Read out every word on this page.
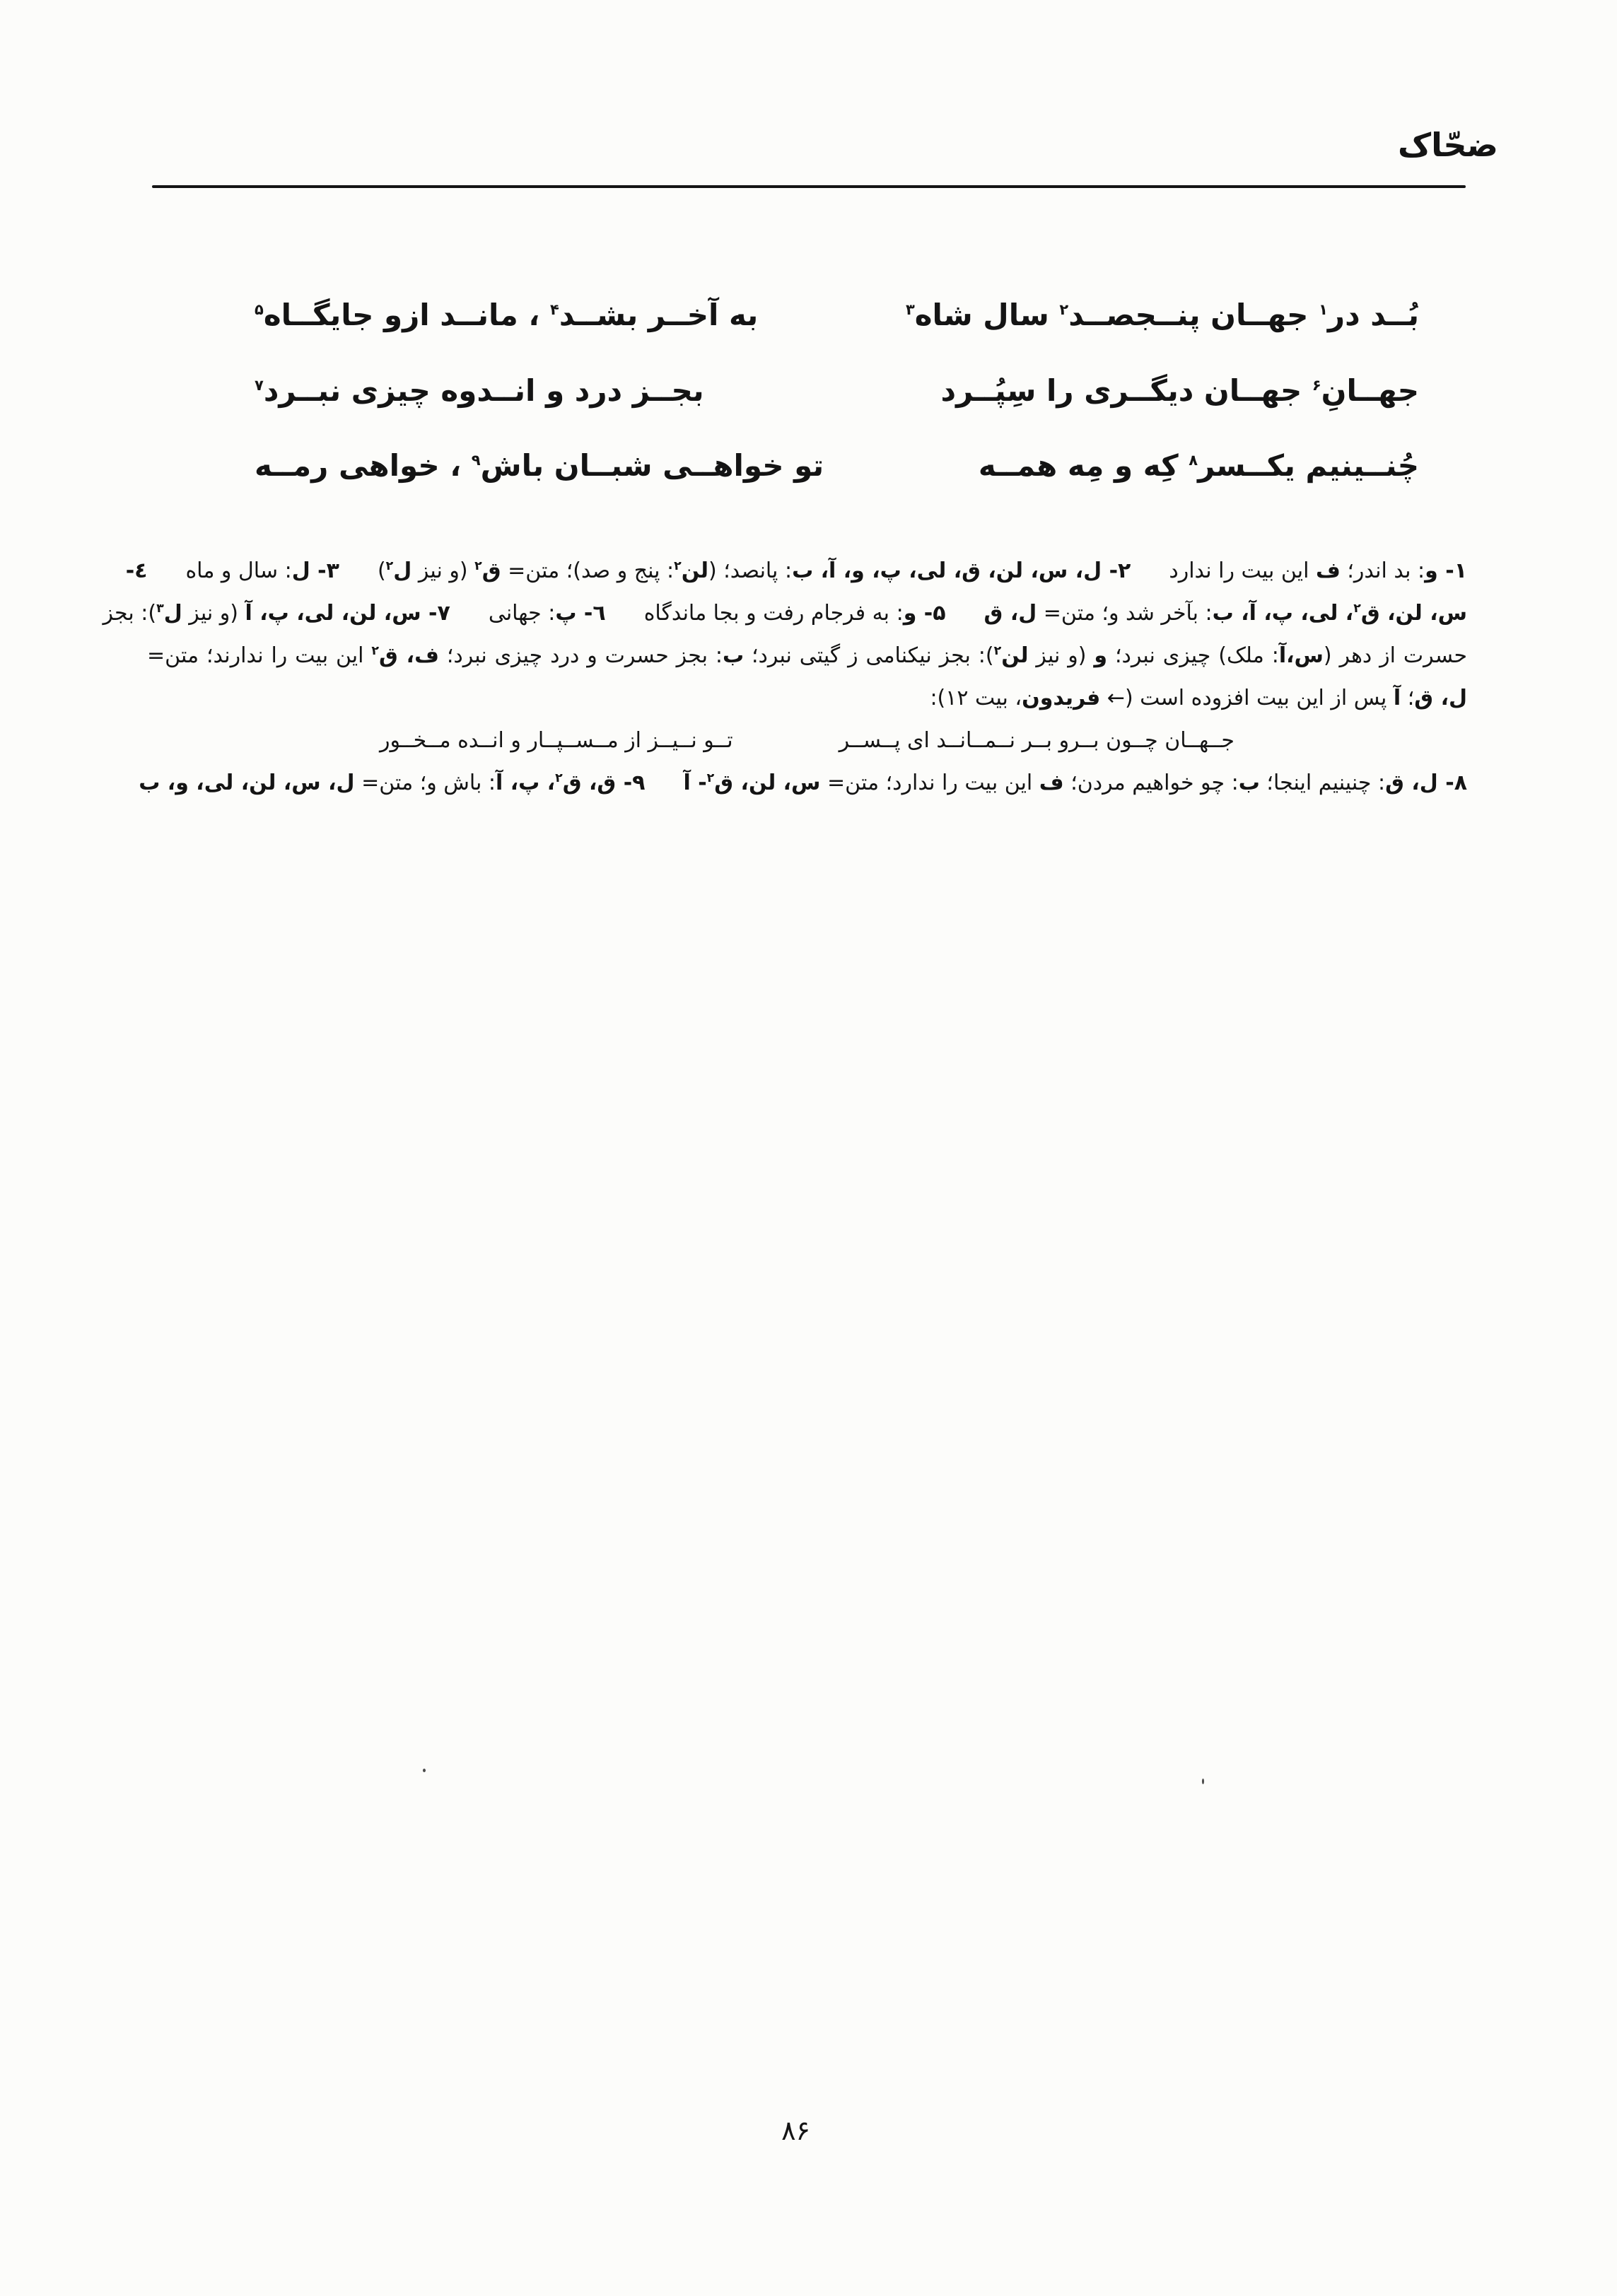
ضحّاک
بُــد در$^۱$ جهــان پنــجصــد$^۲$ سال شاه$^۳$
به آخــر بشــد$^۴$ ، مانــد ازو جایگــاه$^۵$
جهــانِ$^۶$ جهــان دیگــری را سِپُــرد
بجــز درد و انــدوه چیزی نبــرد$^۷$
چُنــینیم یکــسر$^۸$ کِه و مِه همــه
تو خواهــی شبــان باش$^۹$ ، خواهی رمــه
۱- و: بد اندر؛ ف این بیت را ندارد۲- ل، س، لن، ق، لی، پ، و، آ، ب: پانصد؛ (لن$^۲$: پنج و صد)؛ متن= ق$^۲$ (و نیز ل$^۲$)۳- ل: سال و ماه٤-
س، لن، ق$^۲$، لی، پ، آ، ب: بآخر شد و؛ متن= ل، ق۵- و: به فرجام رفت و بجا ماندگاه٦- پ: جهانی۷- س، لن، لی، پ، آ (و نیز ل$^۳$): بجز
حسرت از دهر (س،آ: ملک) چیزی نبرد؛ و (و نیز لن$^۲$): بجز نیکنامی ز گیتی نبرد؛ ب: بجز حسرت و درد چیزی نبرد؛ ف، ق$^۲$ این بیت را ندارند؛ متن=
ل، ق؛ آ پس از این بیت افزوده است (← فریدون، بیت ۱۲):
جــهــان چــون بــرو بــر نــمــانــد ای پــســرتــو نــیــز از مــســپــار و انــده مــخــور
۸- ل، ق: چنینیم اینجا؛ ب: چو خواهیم مردن؛ ف این بیت را ندارد؛ متن= س، لن، ق$^۲$- آ۹- ق، ق$^۲$، پ، آ: باش و؛ متن= ل، س، لن، لی، و، ب
۸۶
